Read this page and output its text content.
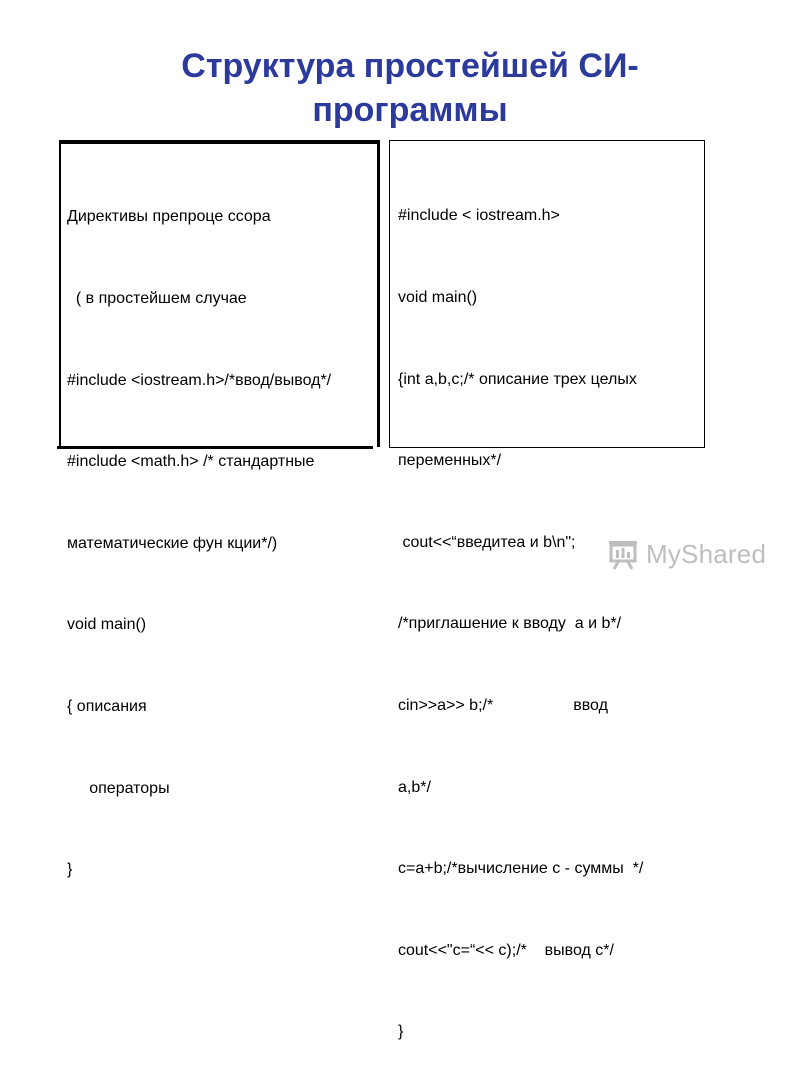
Структура простейшей СИ-
программы

Директивы препроце ссора

( в простейшем случае

#include <iostream.h>/*ввод/вывод*/

#include <math.h> /* стандартные

математические фун кции*/)

void main()

{ описания

операторы

}

#include < iostream.h>

void main()

{int a,b,c;/* описание трех целых

переменных*/

cout<<“введитеа и b\n";

/*приглашение к вводу  a и b*/

cin>>a>> b;/*                  ввод

a,b*/

c=a+b;/*вычисление c - суммы  */

cout<<"c=“<< c);/*    вывод c*/

}

MyShared
